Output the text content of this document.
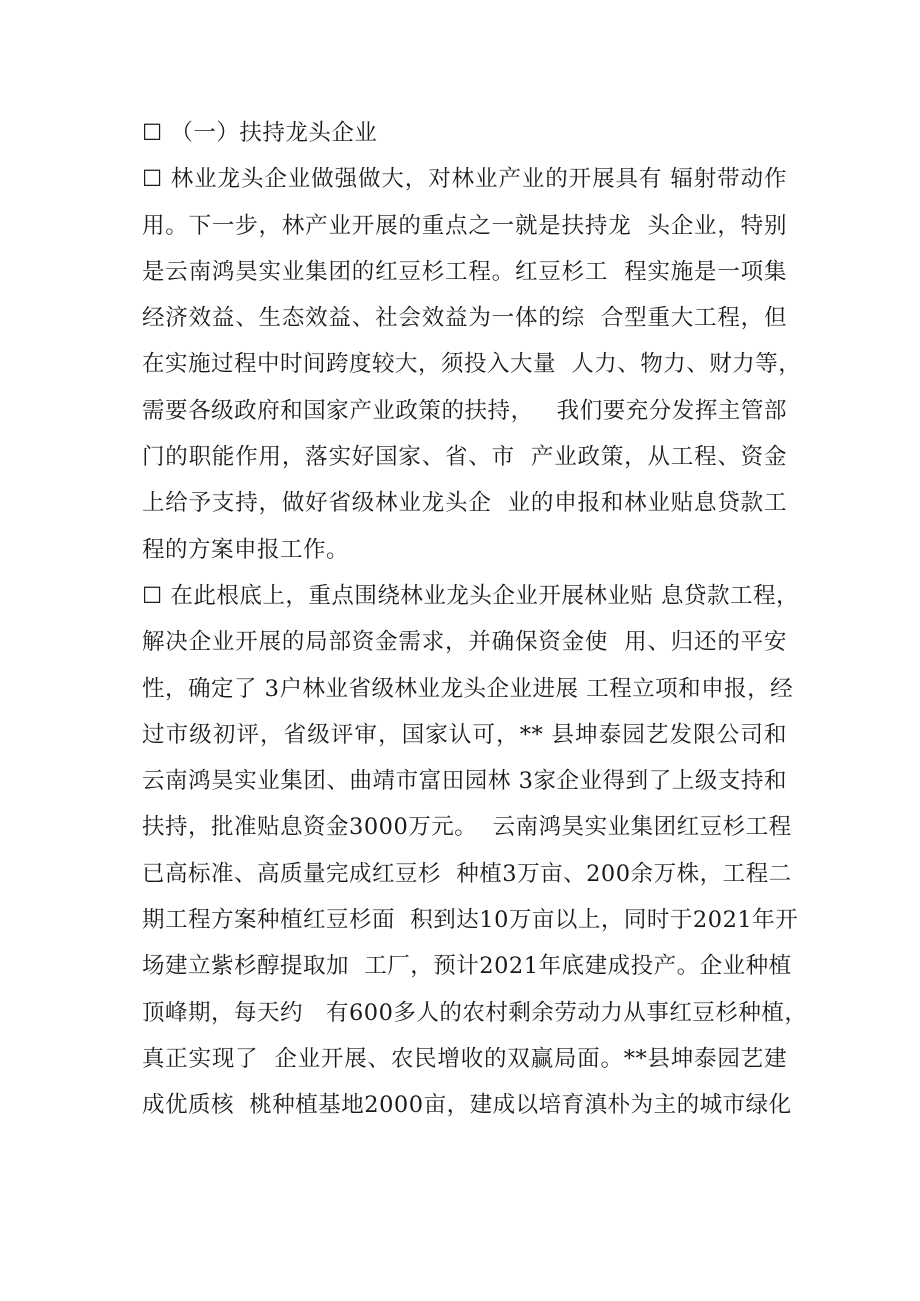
☐ （一）扶持龙头企业
☐ 林业龙头企业做强做大，对林业产业的开展具有 辐射带动作
用。下一步，林产业开展的重点之一就是扶持龙  头企业，特别
是云南鸿昊实业集团的红豆杉工程。红豆杉工  程实施是一项集
经济效益、生态效益、社会效益为一体的综  合型重大工程，但
在实施过程中时间跨度较大，须投入大量  人力、物力、财力等，
需要各级政府和国家产业政策的扶持，   我们要充分发挥主管部
门的职能作用，落实好国家、省、市  产业政策，从工程、资金
上给予支持，做好省级林业龙头企  业的申报和林业贴息贷款工
程的方案申报工作。
☐ 在此根底上，重点围绕林业龙头企业开展林业贴 息贷款工程，
解决企业开展的局部资金需求，并确保资金使  用、归还的平安
性，确定了 3户林业省级林业龙头企业进展 工程立项和申报，经
过市级初评，省级评审，国家认可，** 县坤泰园艺发限公司和
云南鸿昊实业集团、曲靖市富田园林 3家企业得到了上级支持和
扶持，批准贴息资金3000万元。  云南鸿昊实业集团红豆杉工程
已高标准、高质量完成红豆杉  种植3万亩、200余万株，工程二
期工程方案种植红豆杉面  积到达10万亩以上，同时于2021年开
场建立紫杉醇提取加  工厂，预计2021年底建成投产。企业种植
顶峰期，每天约   有600多人的农村剩余劳动力从事红豆杉种植，
真正实现了  企业开展、农民增收的双赢局面。**县坤泰园艺建
成优质核  桃种植基地2000亩，建成以培育滇朴为主的城市绿化
